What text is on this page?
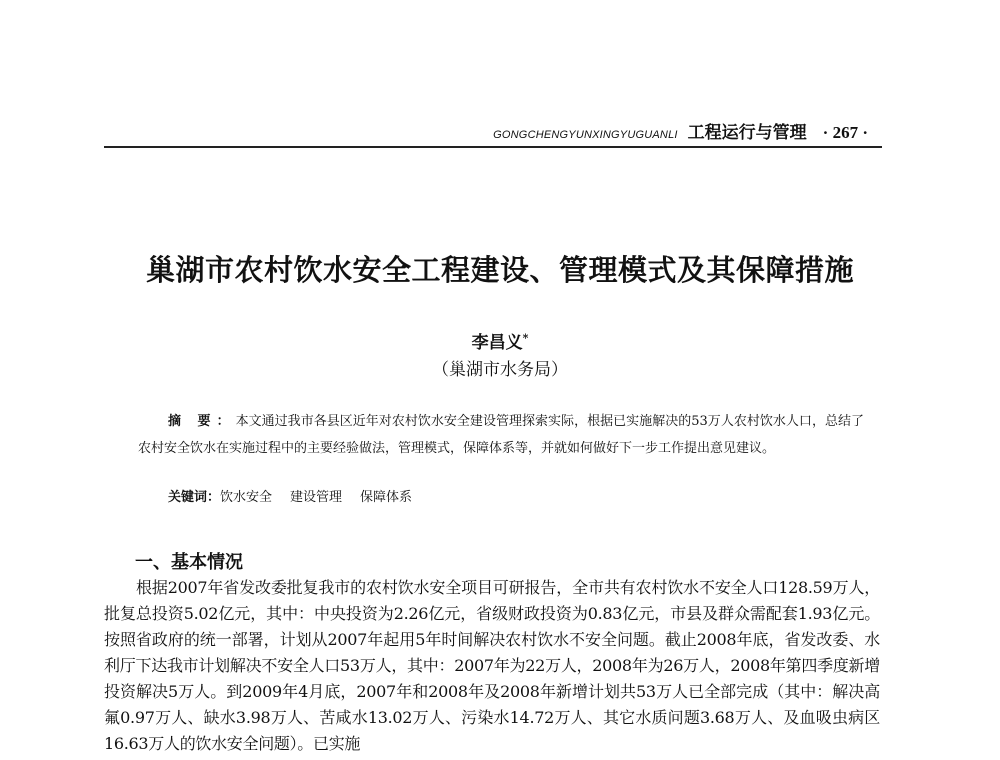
GONGCHENGYUNXINGYUGUANLI 工程运行与管理 · 267 ·
巢湖市农村饮水安全工程建设、管理模式及其保障措施
李昌义*
（巢湖市水务局）
摘 要：本文通过我市各县区近年对农村饮水安全建设管理探索实际，根据已实施解决的53万人农村饮水人口，总结了农村安全饮水在实施过程中的主要经验做法，管理模式，保障体系等，并就如何做好下一步工作提出意见建议。
关键词：饮水安全 建设管理 保障体系
一、基本情况
根据2007年省发改委批复我市的农村饮水安全项目可研报告，全市共有农村饮水不安全人口128.59万人，批复总投资5.02亿元，其中：中央投资为2.26亿元，省级财政投资为0.83亿元，市县及群众需配套1.93亿元。按照省政府的统一部署，计划从2007年起用5年时间解决农村饮水不安全问题。截止2008年底，省发改委、水利厅下达我市计划解决不安全人口53万人，其中：2007年为22万人，2008年为26万人，2008年第四季度新增投资解决5万人。到2009年4月底，2007年和2008年及2008年新增计划共53万人已全部完成（其中：解决高氟0.97万人、缺水3.98万人、苦咸水13.02万人、污染水14.72万人、其它水质问题3.68万人、及血吸虫病区16.63万人的饮水安全问题）。已实施
